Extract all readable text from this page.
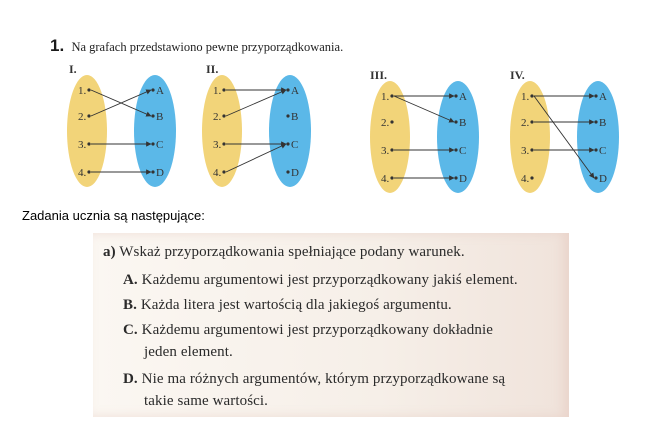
1. Na grafach przedstawiono pewne przyporządkowania.
I.
1.
2.
3.
4.
A
B
C
D
II.
1.
2.
3.
4.
A
B
C
D
III.
1.
2.
3.
4.
A
B
C
D
IV.
1.
2.
3.
4.
A
B
C
D
Zadania ucznia są następujące:
a) Wskaż przyporządkowania spełniające podany warunek.
A. Każdemu argumentowi jest przyporządkowany jakiś element.
B. Każda litera jest wartością dla jakiegoś argumentu.
C. Każdemu argumentowi jest przyporządkowany dokładnie
jeden element.
D. Nie ma różnych argumentów, którym przyporządkowane są
takie same wartości.
